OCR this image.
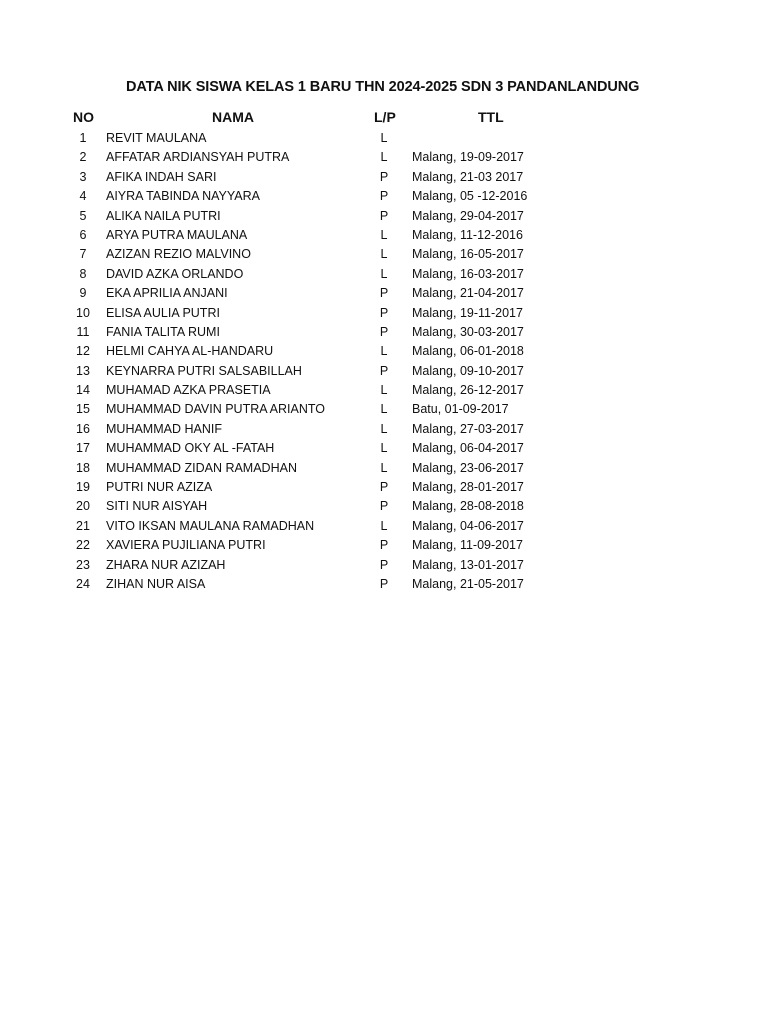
DATA NIK SISWA KELAS 1 BARU THN 2024-2025 SDN 3 PANDANLANDUNG
NO	NAMA	L/P	TTL
1	REVIT MAULANA	L
2	AFFATAR ARDIANSYAH PUTRA	L	Malang, 19-09-2017
3	AFIKA INDAH SARI	P	Malang, 21-03 2017
4	AIYRA TABINDA NAYYARA	P	Malang, 05 -12-2016
5	ALIKA NAILA PUTRI	P	Malang, 29-04-2017
6	ARYA PUTRA MAULANA	L	Malang, 11-12-2016
7	AZIZAN REZIO MALVINO	L	Malang, 16-05-2017
8	DAVID AZKA ORLANDO	L	Malang, 16-03-2017
9	EKA APRILIA ANJANI	P	Malang, 21-04-2017
10	ELISA AULIA PUTRI	P	Malang, 19-11-2017
11	FANIA TALITA RUMI	P	Malang, 30-03-2017
12	HELMI CAHYA AL-HANDARU	L	Malang, 06-01-2018
13	KEYNARRA PUTRI SALSABILLAH	P	Malang, 09-10-2017
14	MUHAMAD AZKA PRASETIA	L	Malang, 26-12-2017
15	MUHAMMAD DAVIN PUTRA ARIANTO	L	Batu, 01-09-2017
16	MUHAMMAD HANIF	L	Malang, 27-03-2017
17	MUHAMMAD OKY AL -FATAH	L	Malang, 06-04-2017
18	MUHAMMAD ZIDAN RAMADHAN	L	Malang, 23-06-2017
19	PUTRI NUR AZIZA	P	Malang, 28-01-2017
20	SITI NUR AISYAH	P	Malang, 28-08-2018
21	VITO IKSAN MAULANA RAMADHAN	L	Malang, 04-06-2017
22	XAVIERA PUJILIANA PUTRI	P	Malang, 11-09-2017
23	ZHARA NUR AZIZAH	P	Malang, 13-01-2017
24	ZIHAN NUR AISA	P	Malang, 21-05-2017
